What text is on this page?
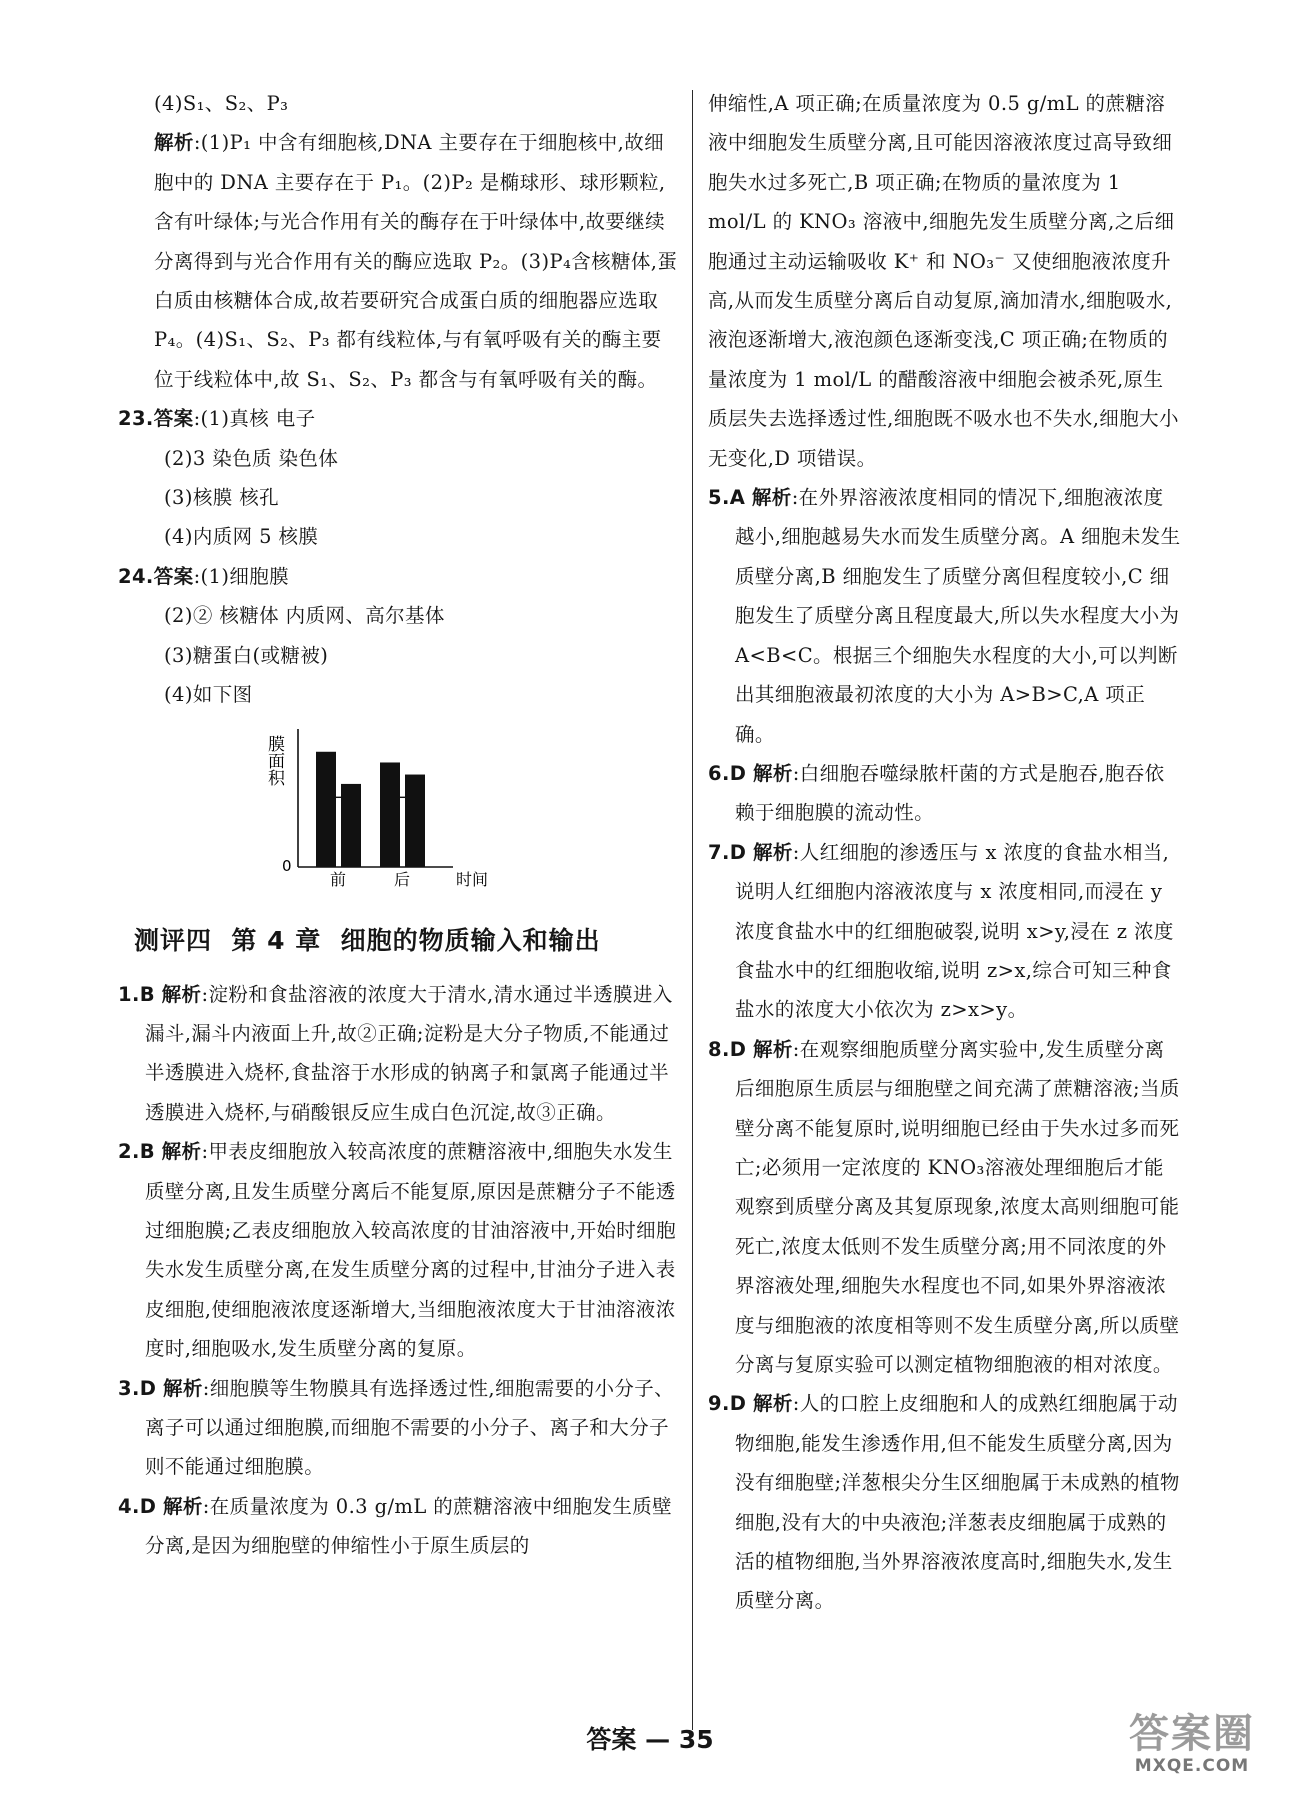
(4)S₁、S₂、P₃

解析:(1)P₁ 中含有细胞核,DNA 主要存在于细胞核中,故细胞中的 DNA 主要存在于 P₁。(2)P₂ 是椭球形、球形颗粒,含有叶绿体;与光合作用有关的酶存在于叶绿体中,故要继续分离得到与光合作用有关的酶应选取 P₂。(3)P₄含核糖体,蛋白质由核糖体合成,故若要研究合成蛋白质的细胞器应选取 P₄。(4)S₁、S₂、P₃ 都有线粒体,与有氧呼吸有关的酶主要位于线粒体中,故 S₁、S₂、P₃ 都含与有氧呼吸有关的酶。

23.答案:(1)真核 电子

(2)3 染色质 染色体

(3)核膜 核孔

(4)内质网 5 核膜

24.答案:(1)细胞膜

(2)② 核糖体 内质网、高尔基体

(3)糖蛋白(或糖被)

(4)如下图

膜面积
0
时间
前	后
测评四  第 4 章  细胞的物质输入和输出

1.B 解析:淀粉和食盐溶液的浓度大于清水,清水通过半透膜进入漏斗,漏斗内液面上升,故②正确;淀粉是大分子物质,不能通过半透膜进入烧杯,食盐溶于水形成的钠离子和氯离子能通过半透膜进入烧杯,与硝酸银反应生成白色沉淀,故③正确。

2.B 解析:甲表皮细胞放入较高浓度的蔗糖溶液中,细胞失水发生质壁分离,且发生质壁分离后不能复原,原因是蔗糖分子不能透过细胞膜;乙表皮细胞放入较高浓度的甘油溶液中,开始时细胞失水发生质壁分离,在发生质壁分离的过程中,甘油分子进入表皮细胞,使细胞液浓度逐渐增大,当细胞液浓度大于甘油溶液浓度时,细胞吸水,发生质壁分离的复原。

3.D 解析:细胞膜等生物膜具有选择透过性,细胞需要的小分子、离子可以通过细胞膜,而细胞不需要的小分子、离子和大分子则不能通过细胞膜。

4.D 解析:在质量浓度为 0.3 g/mL 的蔗糖溶液中细胞发生质壁分离,是因为细胞壁的伸缩性小于原生质层的

伸缩性,A 项正确;在质量浓度为 0.5 g/mL 的蔗糖溶液中细胞发生质壁分离,且可能因溶液浓度过高导致细胞失水过多死亡,B 项正确;在物质的量浓度为 1 mol/L 的 KNO₃ 溶液中,细胞先发生质壁分离,之后细胞通过主动运输吸收 K⁺ 和 NO₃⁻ 又使细胞液浓度升高,从而发生质壁分离后自动复原,滴加清水,细胞吸水,液泡逐渐增大,液泡颜色逐渐变浅,C 项正确;在物质的量浓度为 1 mol/L 的醋酸溶液中细胞会被杀死,原生质层失去选择透过性,细胞既不吸水也不失水,细胞大小无变化,D 项错误。

5.A 解析:在外界溶液浓度相同的情况下,细胞液浓度越小,细胞越易失水而发生质壁分离。A 细胞未发生质壁分离,B 细胞发生了质壁分离但程度较小,C 细胞发生了质壁分离且程度最大,所以失水程度大小为 A<B<C。根据三个细胞失水程度的大小,可以判断出其细胞液最初浓度的大小为 A>B>C,A 项正确。

6.D 解析:白细胞吞噬绿脓杆菌的方式是胞吞,胞吞依赖于细胞膜的流动性。

7.D 解析:人红细胞的渗透压与 x 浓度的食盐水相当,说明人红细胞内溶液浓度与 x 浓度相同,而浸在 y 浓度食盐水中的红细胞破裂,说明 x>y,浸在 z 浓度食盐水中的红细胞收缩,说明 z>x,综合可知三种食盐水的浓度大小依次为 z>x>y。

8.D 解析:在观察细胞质壁分离实验中,发生质壁分离后细胞原生质层与细胞壁之间充满了蔗糖溶液;当质壁分离不能复原时,说明细胞已经由于失水过多而死亡;必须用一定浓度的 KNO₃溶液处理细胞后才能观察到质壁分离及其复原现象,浓度太高则细胞可能死亡,浓度太低则不发生质壁分离;用不同浓度的外界溶液处理,细胞失水程度也不同,如果外界溶液浓度与细胞液的浓度相等则不发生质壁分离,所以质壁分离与复原实验可以测定植物细胞液的相对浓度。

9.D 解析:人的口腔上皮细胞和人的成熟红细胞属于动物细胞,能发生渗透作用,但不能发生质壁分离,因为没有细胞壁;洋葱根尖分生区细胞属于未成熟的植物细胞,没有大的中央液泡;洋葱表皮细胞属于成熟的活的植物细胞,当外界溶液浓度高时,细胞失水,发生质壁分离。

答案 — 35	答案圈
MXQE.COM
